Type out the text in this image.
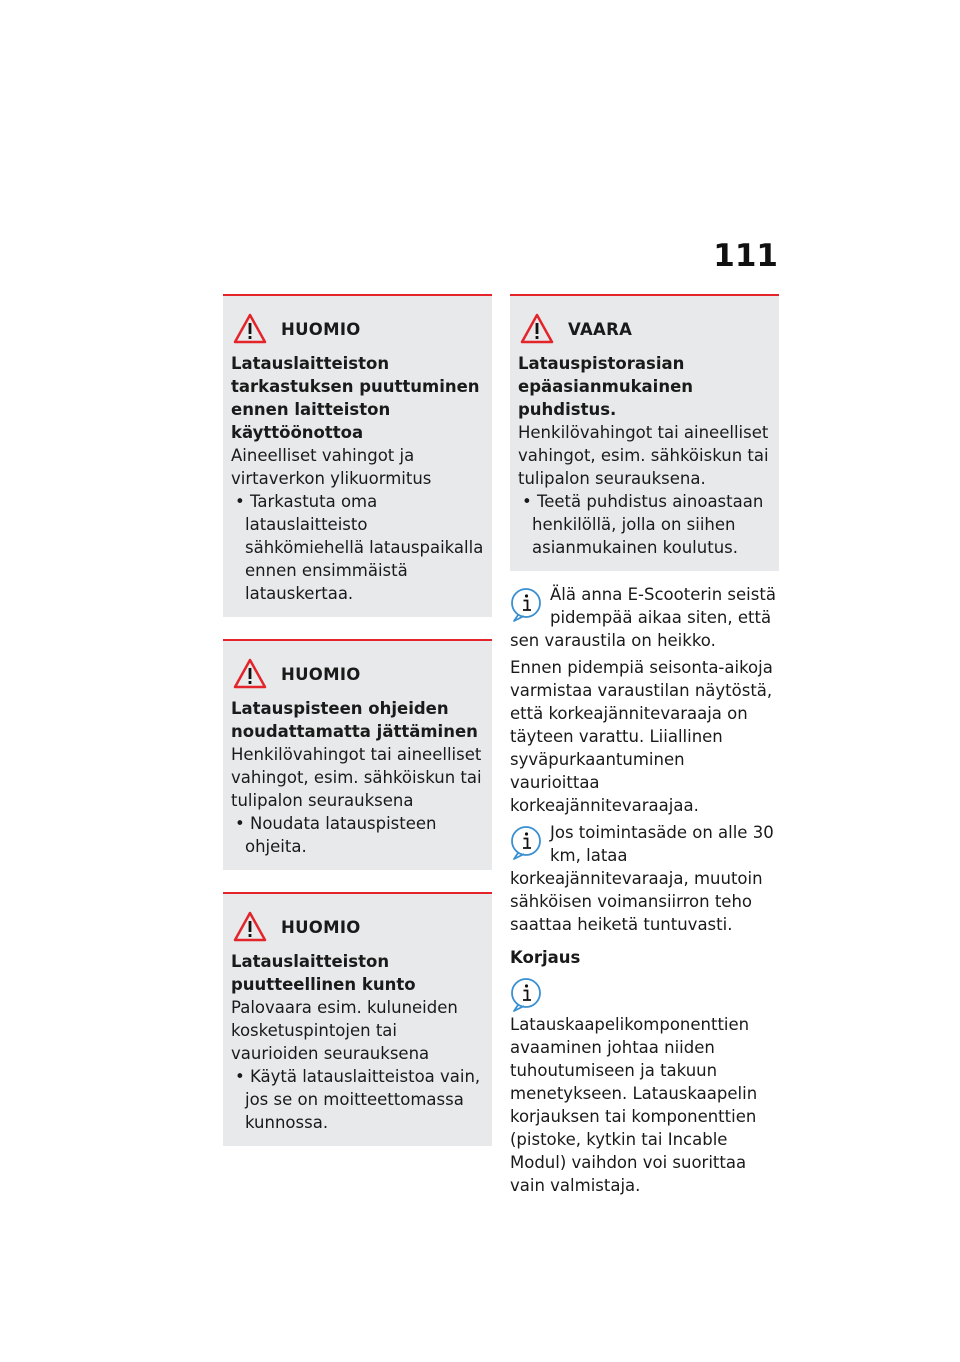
111
HUOMIO
Latauslaitteiston tarkastuksen puuttuminen ennen laitteiston käyttöönottoa
Aineelliset vahingot ja virtaverkon ylikuormitus
• Tarkastuta oma latauslaitteisto sähkömiehellä latauspaikalla ennen ensimmäistä latauskertaa.
HUOMIO
Latauspisteen ohjeiden noudattamatta jättäminen
Henkilövahingot tai aineelliset vahingot, esim. sähköiskun tai tulipalon seurauksena
• Noudata latauspisteen ohjeita.
HUOMIO
Latauslaitteiston puutteellinen kunto
Palovaara esim. kuluneiden kosketuspintojen tai vaurioiden seurauksena
• Käytä latauslaitteistoa vain, jos se on moitteettomassa kunnossa.
VAARA
Latauspistorasian epäasianmukainen puhdistus.
Henkilövahingot tai aineelliset vahingot, esim. sähköiskun tai tulipalon seurauksena.
• Teetä puhdistus ainoastaan henkilöllä, jolla on siihen asianmukainen koulutus.

Älä anna E-Scooterin seistä pidempää aikaa siten, että sen varaustila on heikko.

Ennen pidempiä seisonta-aikoja varmistaa varaustilan näytöstä, että korkeajännitevaraaja on täyteen varattu. Liiallinen syväpurkaantuminen vaurioittaa korkeajännitevaraajaa.

Jos toimintasäde on alle 30 km, lataa korkeajännitevaraaja, muutoin sähköisen voimansiirron teho saattaa heiketä tuntuvasti.

Korjaus

Latauskaapelikomponenttien avaaminen johtaa niiden tuhoutumiseen ja takuun menetykseen. Latauskaapelin korjauksen tai komponenttien (pistoke, kytkin tai Incable Modul) vaihdon voi suorittaa vain valmistaja.
